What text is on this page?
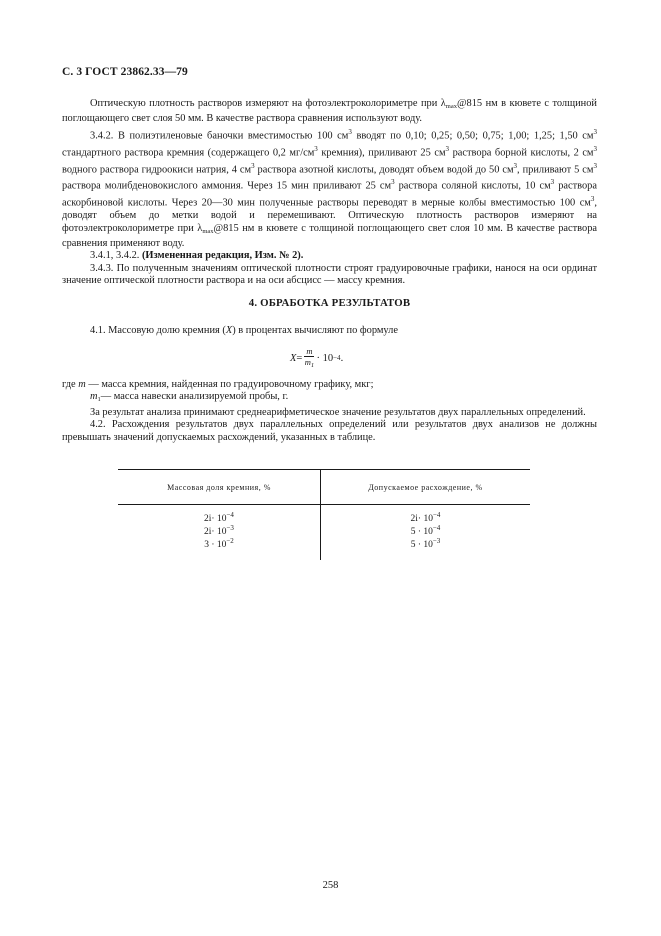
С. 3 ГОСТ 23862.33—79

Оптическую плотность растворов измеряют на фотоэлектроколориметре при $\lambda_{max}@815$ нм в кювете с толщиной поглощающего свет слоя 50 мм. В качестве раствора сравнения используют воду.

3.4.2. В полиэтиленовые баночки вместимостью 100 $см^3$ вводят по 0,10; 0,25; 0,50; 0,75; 1,00; 1,25; 1,50 $см^3$ стандартного раствора кремния (содержащего 0,2 $мг/см^3$ кремния), приливают 25 $см^3$ раствора борной кислоты, 2 $см^3$ водного раствора гидроокиси натрия, 4 $см^3$ раствора азотной кислоты, доводят объем водой до 50 $см^3$, приливают 5 $см^3$ раствора молибденовокислого аммония. Через 15 мин приливают 25 $см^3$ раствора соляной кислоты, 10 $см^3$ раствора аскорбиновой кислоты. Через 20—30 мин полученные растворы переводят в мерные колбы вместимостью 100 $см^3$, доводят объем до метки водой и перемешивают. Оптическую плотность растворов измеряют на фотоэлектроколориметре при $\lambda_{max}@815$ нм в кювете с толщиной поглощающего свет слоя 10 мм. В качестве раствора сравнения применяют воду.

3.4.1, 3.4.2. (Измененная редакция, Изм. № 2).

3.4.3. По полученным значениям оптической плотности строят градуировочные графики, нанося на оси ординат значение оптической плотности раствора и на оси абсцисс — массу кремния.

4. ОБРАБОТКА РЕЗУЛЬТАТОВ

4.1. Массовую долю кремния (X) в процентах вычисляют по формуле

$X = \frac{m}{m_1} \cdot 10 -4$ .

где m — масса кремния, найденная по градуировочному графику, мкг;

$m_1—$ масса навески анализируемой пробы, г.

За результат анализа принимают среднеарифметическое значение результатов двух параллельных определений.

4.2. Расхождения результатов двух параллельных определений или результатов двух анализов не должны превышать значений допускаемых расхождений, указанных в таблице.

Массовая доля кремния, %	Допускаемое расхождение, %
$2i\cdot 10^{-4}$	$2i\cdot 10^{-4}$
$2i\cdot 10^{-3}$	$5 \cdot 10^{-4}$
$3 \cdot 10^{-2}$	$5 \cdot 10^{-3}$
258
